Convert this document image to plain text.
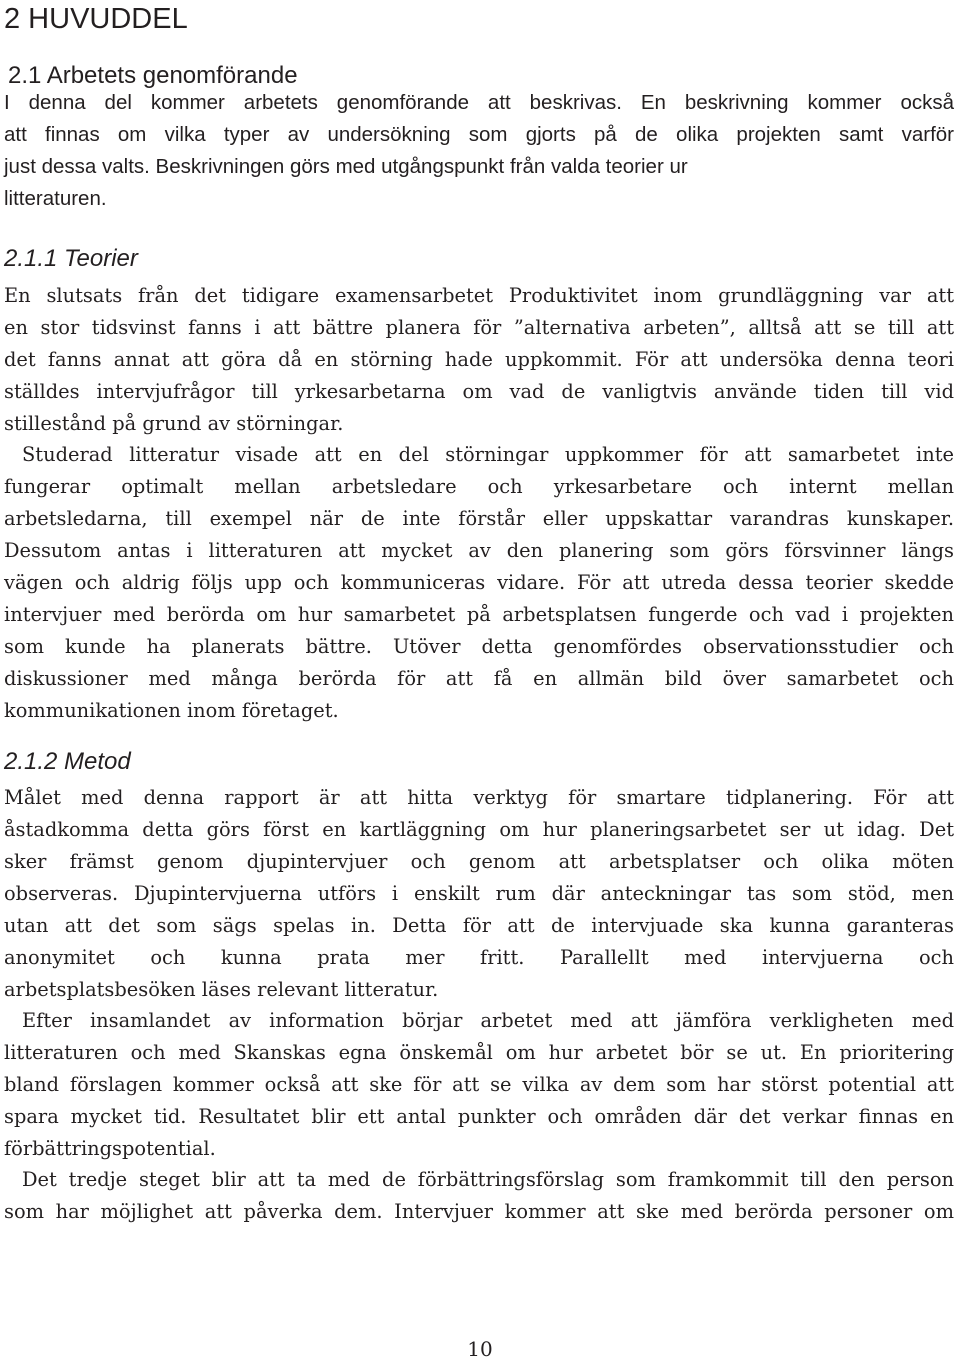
2 HUVUDDEL
2.1 Arbetets genomförande
I denna del kommer arbetets genomförande att beskrivas. En beskrivning kommer också
att finnas om vilka typer av undersökning som gjorts på de olika projekten samt varför
just dessa valts. Beskrivningen görs med utgångspunkt från valda teorier ur
litteraturen.
2.1.1 Teorier
En slutsats från det tidigare examensarbetet Produktivitet inom grundläggning var att
en stor tidsvinst fanns i att bättre planera för ”alternativa arbeten”, alltså att se till att
det fanns annat att göra då en störning hade uppkommit. För att undersöka denna teori
ställdes intervjufrågor till yrkesarbetarna om vad de vanligtvis använde tiden till vid
stillestånd på grund av störningar.
Studerad litteratur visade att en del störningar uppkommer för att samarbetet inte
fungerar optimalt mellan arbetsledare och yrkesarbetare och internt mellan
arbetsledarna, till exempel när de inte förstår eller uppskattar varandras kunskaper.
Dessutom antas i litteraturen att mycket av den planering som görs försvinner längs
vägen och aldrig följs upp och kommuniceras vidare. För att utreda dessa teorier skedde
intervjuer med berörda om hur samarbetet på arbetsplatsen fungerde och vad i projekten
som kunde ha planerats bättre. Utöver detta genomfördes observationsstudier och
diskussioner med många berörda för att få en allmän bild över samarbetet och
kommunikationen inom företaget.
2.1.2 Metod
Målet med denna rapport är att hitta verktyg för smartare tidplanering. För att
åstadkomma detta görs först en kartläggning om hur planeringsarbetet ser ut idag. Det
sker främst genom djupintervjuer och genom att arbetsplatser och olika möten
observeras. Djupintervjuerna utförs i enskilt rum där anteckningar tas som stöd, men
utan att det som sägs spelas in. Detta för att de intervjuade ska kunna garanteras
anonymitet och kunna prata mer fritt. Parallellt med intervjuerna och
arbetsplatsbesöken läses relevant litteratur.
Efter insamlandet av information börjar arbetet med att jämföra verkligheten med
litteraturen och med Skanskas egna önskemål om hur arbetet bör se ut. En prioritering
bland förslagen kommer också att ske för att se vilka av dem som har störst potential att
spara mycket tid. Resultatet blir ett antal punkter och områden där det verkar finnas en
förbättringspotential.
Det tredje steget blir att ta med de förbättringsförslag som framkommit till den person
som har möjlighet att påverka dem. Intervjuer kommer att ske med berörda personer om
10
